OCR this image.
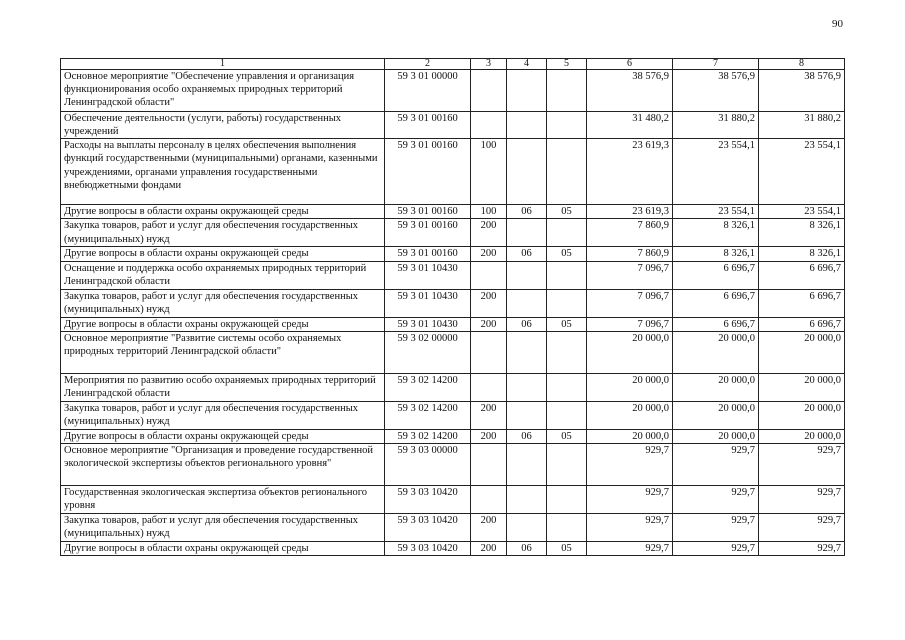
90
1	2	3	4	5	6	7	8
Основное мероприятие "Обеспечение управления и организация функционирования особо охраняемых природных территорий Ленинградской области"	59 3 01 00000				38 576,9	38 576,9	38 576,9
Обеспечение деятельности (услуги, работы) государственных учреждений	59 3 01 00160				31 480,2	31 880,2	31 880,2
Расходы на выплаты персоналу в целях обеспечения выполнения функций государственными (муниципальными) органами, казенными учреждениями, органами управления государственными внебюджетными фондами	59 3 01 00160	100			23 619,3	23 554,1	23 554,1
Другие вопросы в области охраны окружающей среды	59 3 01 00160	100	06	05	23 619,3	23 554,1	23 554,1
Закупка товаров, работ и услуг для обеспечения государственных (муниципальных) нужд	59 3 01 00160	200			7 860,9	8 326,1	8 326,1
Другие вопросы в области охраны окружающей среды	59 3 01 00160	200	06	05	7 860,9	8 326,1	8 326,1
Оснащение и поддержка особо охраняемых природных территорий Ленинградской области	59 3 01 10430				7 096,7	6 696,7	6 696,7
Закупка товаров, работ и услуг для обеспечения государственных (муниципальных) нужд	59 3 01 10430	200			7 096,7	6 696,7	6 696,7
Другие вопросы в области охраны окружающей среды	59 3 01 10430	200	06	05	7 096,7	6 696,7	6 696,7
Основное мероприятие "Развитие системы особо охраняемых природных территорий Ленинградской области"	59 3 02 00000				20 000,0	20 000,0	20 000,0
Мероприятия по развитию особо охраняемых природных территорий Ленинградской области	59 3 02 14200				20 000,0	20 000,0	20 000,0
Закупка товаров, работ и услуг для обеспечения государственных (муниципальных) нужд	59 3 02 14200	200			20 000,0	20 000,0	20 000,0
Другие вопросы в области охраны окружающей среды	59 3 02 14200	200	06	05	20 000,0	20 000,0	20 000,0
Основное мероприятие "Организация и проведение государственной экологической экспертизы объектов регионального уровня"	59 3 03 00000				929,7	929,7	929,7
Государственная экологическая экспертиза объектов регионального уровня	59 3 03 10420				929,7	929,7	929,7
Закупка товаров, работ и услуг для обеспечения государственных (муниципальных) нужд	59 3 03 10420	200			929,7	929,7	929,7
Другие вопросы в области охраны окружающей среды	59 3 03 10420	200	06	05	929,7	929,7	929,7
